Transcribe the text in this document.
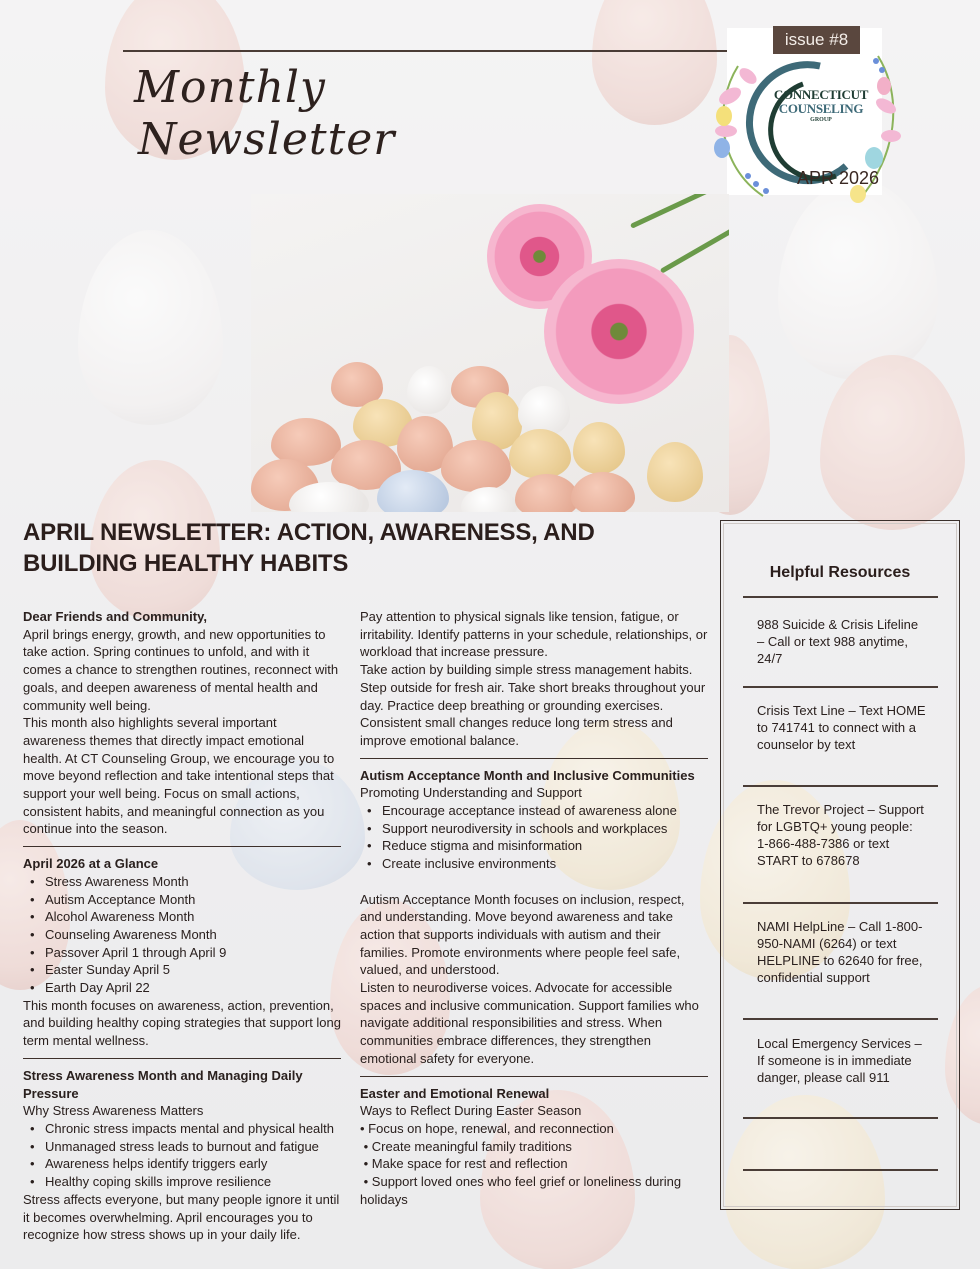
Monthly
Newsletter
issue #8
CONNECTICUT
COUNSELING
GROUP
APR 2026
APRIL NEWSLETTER: ACTION, AWARENESS, AND BUILDING HEALTHY HABITS
Dear Friends and Community,

April brings energy, growth, and new opportunities to take action. Spring continues to unfold, and with it comes a chance to strengthen routines, reconnect with goals, and deepen awareness of mental health and community well being.

This month also highlights several important awareness themes that directly impact emotional health. At CT Counseling Group, we encourage you to move beyond reflection and take intentional steps that support your well being. Focus on small actions, consistent habits, and meaningful connection as you continue into the season.

April 2026 at a Glance
• Stress Awareness Month
• Autism Acceptance Month
• Alcohol Awareness Month
• Counseling Awareness Month
• Passover April 1 through April 9
• Easter Sunday April 5
• Earth Day April 22

This month focuses on awareness, action, prevention, and building healthy coping strategies that support long term mental wellness.

Stress Awareness Month and Managing Daily Pressure
Why Stress Awareness Matters
• Chronic stress impacts mental and physical health
• Unmanaged stress leads to burnout and fatigue
• Awareness helps identify triggers early
• Healthy coping skills improve resilience

Stress affects everyone, but many people ignore it until it becomes overwhelming. April encourages you to recognize how stress shows up in your daily life.

Pay attention to physical signals like tension, fatigue, or irritability. Identify patterns in your schedule, relationships, or workload that increase pressure.

Take action by building simple stress management habits. Step outside for fresh air. Take short breaks throughout your day. Practice deep breathing or grounding exercises. Consistent small changes reduce long term stress and improve emotional balance.

Autism Acceptance Month and Inclusive Communities
Promoting Understanding and Support
• Encourage acceptance instead of awareness alone
• Support neurodiversity in schools and workplaces
• Reduce stigma and misinformation
• Create inclusive environments

Autism Acceptance Month focuses on inclusion, respect, and understanding. Move beyond awareness and take action that supports individuals with autism and their families. Promote environments where people feel safe, valued, and understood.

Listen to neurodiverse voices. Advocate for accessible spaces and inclusive communication. Support families who navigate additional responsibilities and stress. When communities embrace differences, they strengthen emotional safety for everyone.

Easter and Emotional Renewal
Ways to Reflect During Easter Season
• Focus on hope, renewal, and reconnection
• Create meaningful family traditions
• Make space for rest and reflection
• Support loved ones who feel grief or loneliness during holidays
Helpful Resources
988 Suicide & Crisis Lifeline – Call or text 988 anytime, 24/7
Crisis Text Line – Text HOME to 741741 to connect with a counselor by text
The Trevor Project – Support for LGBTQ+ young people: 1-866-488-7386 or text START to 678678
NAMI HelpLine – Call 1-800-950-NAMI (6264) or text HELPLINE to 62640 for free, confidential support
Local Emergency Services – If someone is in immediate danger, please call 911
